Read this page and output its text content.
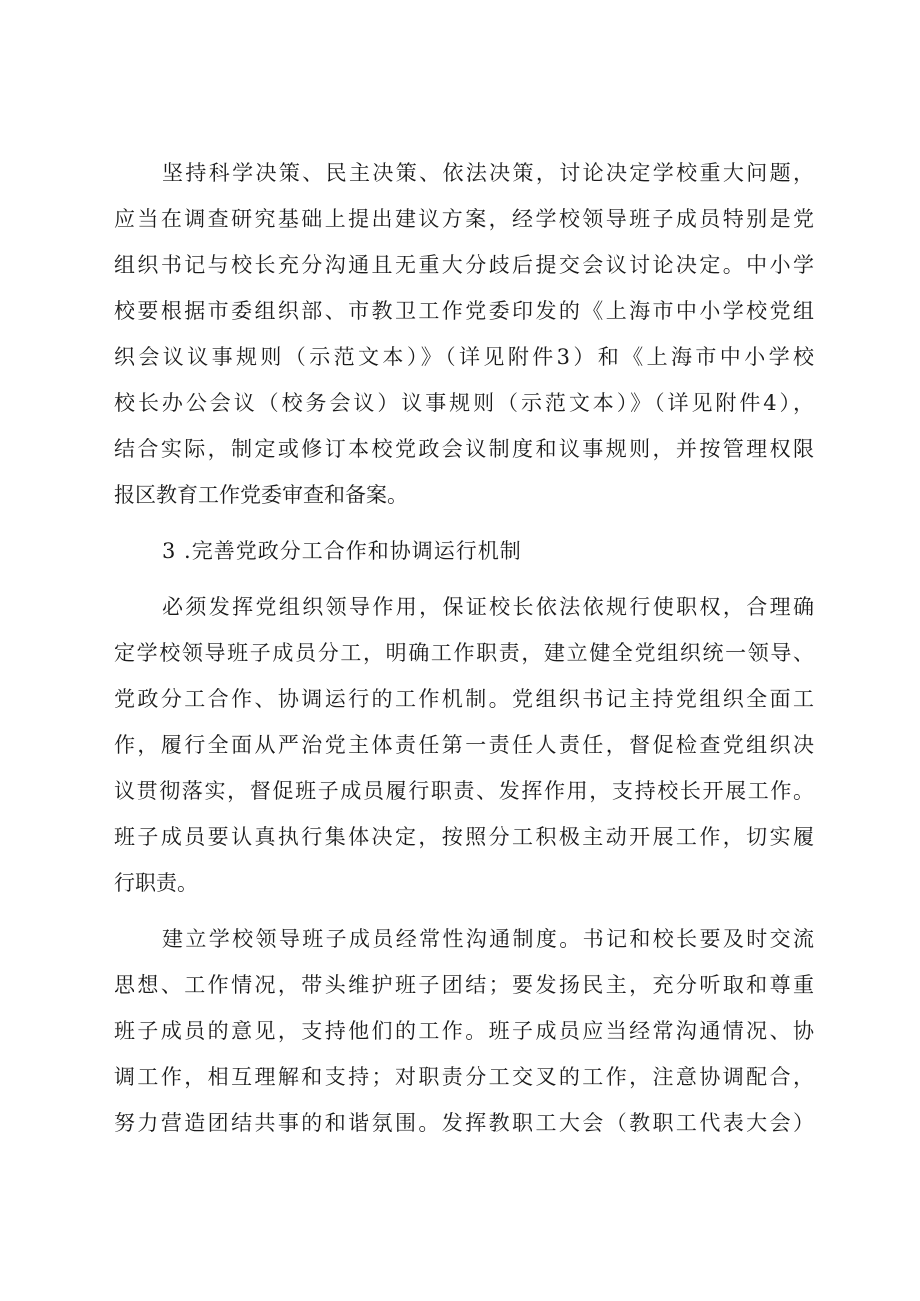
坚持科学决策、民主决策、依法决策，讨论决定学校重大问题，
应当在调查研究基础上提出建议方案，经学校领导班子成员特别是党
组织书记与校长充分沟通且无重大分歧后提交会议讨论决定。中小学
校要根据市委组织部、市教卫工作党委印发的《上海市中小学校党组
织会议议事规则（示范文本）》（详见附件3）和《上海市中小学校
校长办公会议（校务会议）议事规则（示范文本）》（详见附件4），
结合实际，制定或修订本校党政会议制度和议事规则，并按管理权限
报区教育工作党委审查和备案。
3 .完善党政分工合作和协调运行机制
必须发挥党组织领导作用，保证校长依法依规行使职权，合理确
定学校领导班子成员分工，明确工作职责，建立健全党组织统一领导、
党政分工合作、协调运行的工作机制。党组织书记主持党组织全面工
作，履行全面从严治党主体责任第一责任人责任，督促检查党组织决
议贯彻落实，督促班子成员履行职责、发挥作用，支持校长开展工作。
班子成员要认真执行集体决定，按照分工积极主动开展工作，切实履
行职责。
建立学校领导班子成员经常性沟通制度。书记和校长要及时交流
思想、工作情况，带头维护班子团结；要发扬民主，充分听取和尊重
班子成员的意见，支持他们的工作。班子成员应当经常沟通情况、协
调工作，相互理解和支持；对职责分工交叉的工作，注意协调配合，
努力营造团结共事的和谐氛围。发挥教职工大会（教职工代表大会）
